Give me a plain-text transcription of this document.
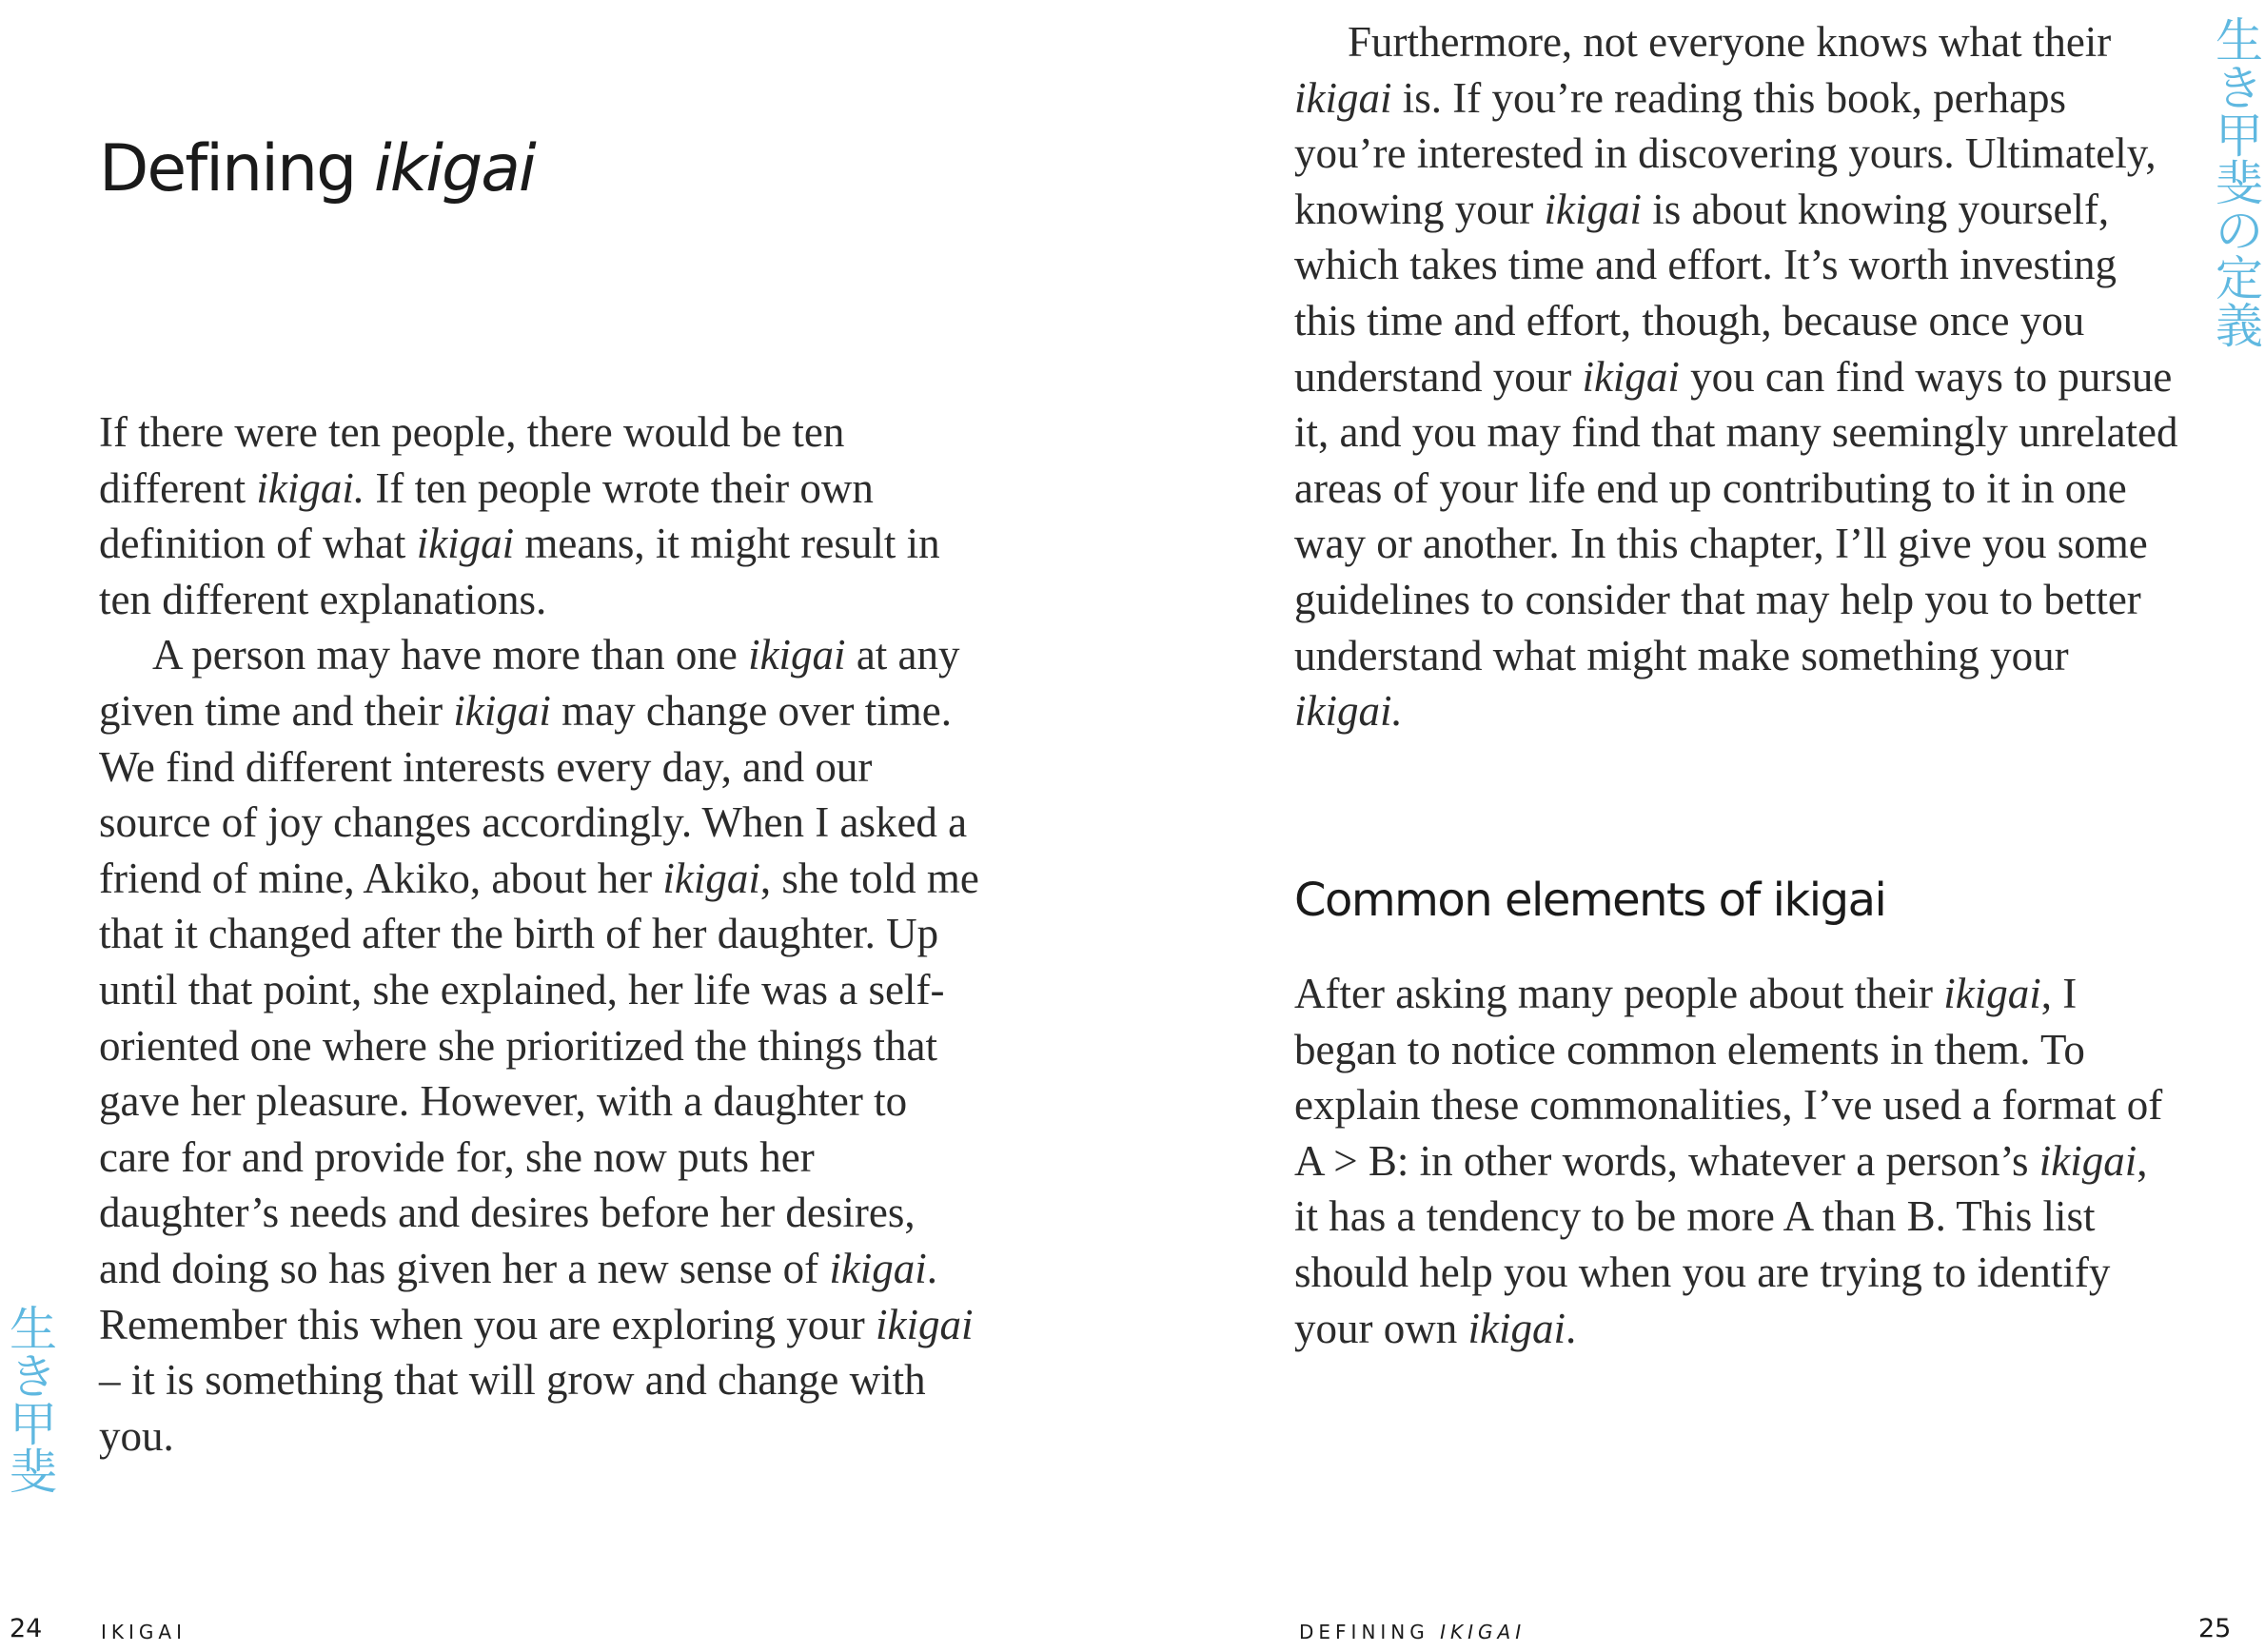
Defining ikigai

If there were ten people, there would be ten different ikigai. If ten people wrote their own definition of what ikigai means, it might result in ten different explanations.

A person may have more than one ikigai at any given time and their ikigai may change over time. We find different interests every day, and our source of joy changes accordingly. When I asked a friend of mine, Akiko, about her ikigai, she told me that it changed after the birth of her daughter. Up until that point, she explained, her life was a self-oriented one where she prioritized the things that gave her pleasure. However, with a daughter to care for and provide for, she now puts her daughter’s needs and desires before her desires, and doing so has given her a new sense of ikigai. Remember this when you are exploring your ikigai – it is something that will grow and change with you.

生
き
甲
斐
24	IKIGAI

Furthermore, not everyone knows what their ikigai is. If you’re reading this book, perhaps you’re interested in discovering yours. Ultimately, knowing your ikigai is about knowing yourself, which takes time and effort. It’s worth investing this time and effort, though, because once you understand your ikigai you can find ways to pursue it, and you may find that many seemingly unrelated areas of your life end up contributing to it in one way or another. In this chapter, I’ll give you some guidelines to consider that may help you to better understand what might make something your ikigai.

Common elements of ikigai

After asking many people about their ikigai, I began to notice common elements in them. To explain these commonalities, I’ve used a format of A > B: in other words, whatever a person’s ikigai, it has a tendency to be more A than B. This list should help you when you are trying to identify your own ikigai.

生
き
甲
斐
の
定
義
DEFINING IKIGAI	25
